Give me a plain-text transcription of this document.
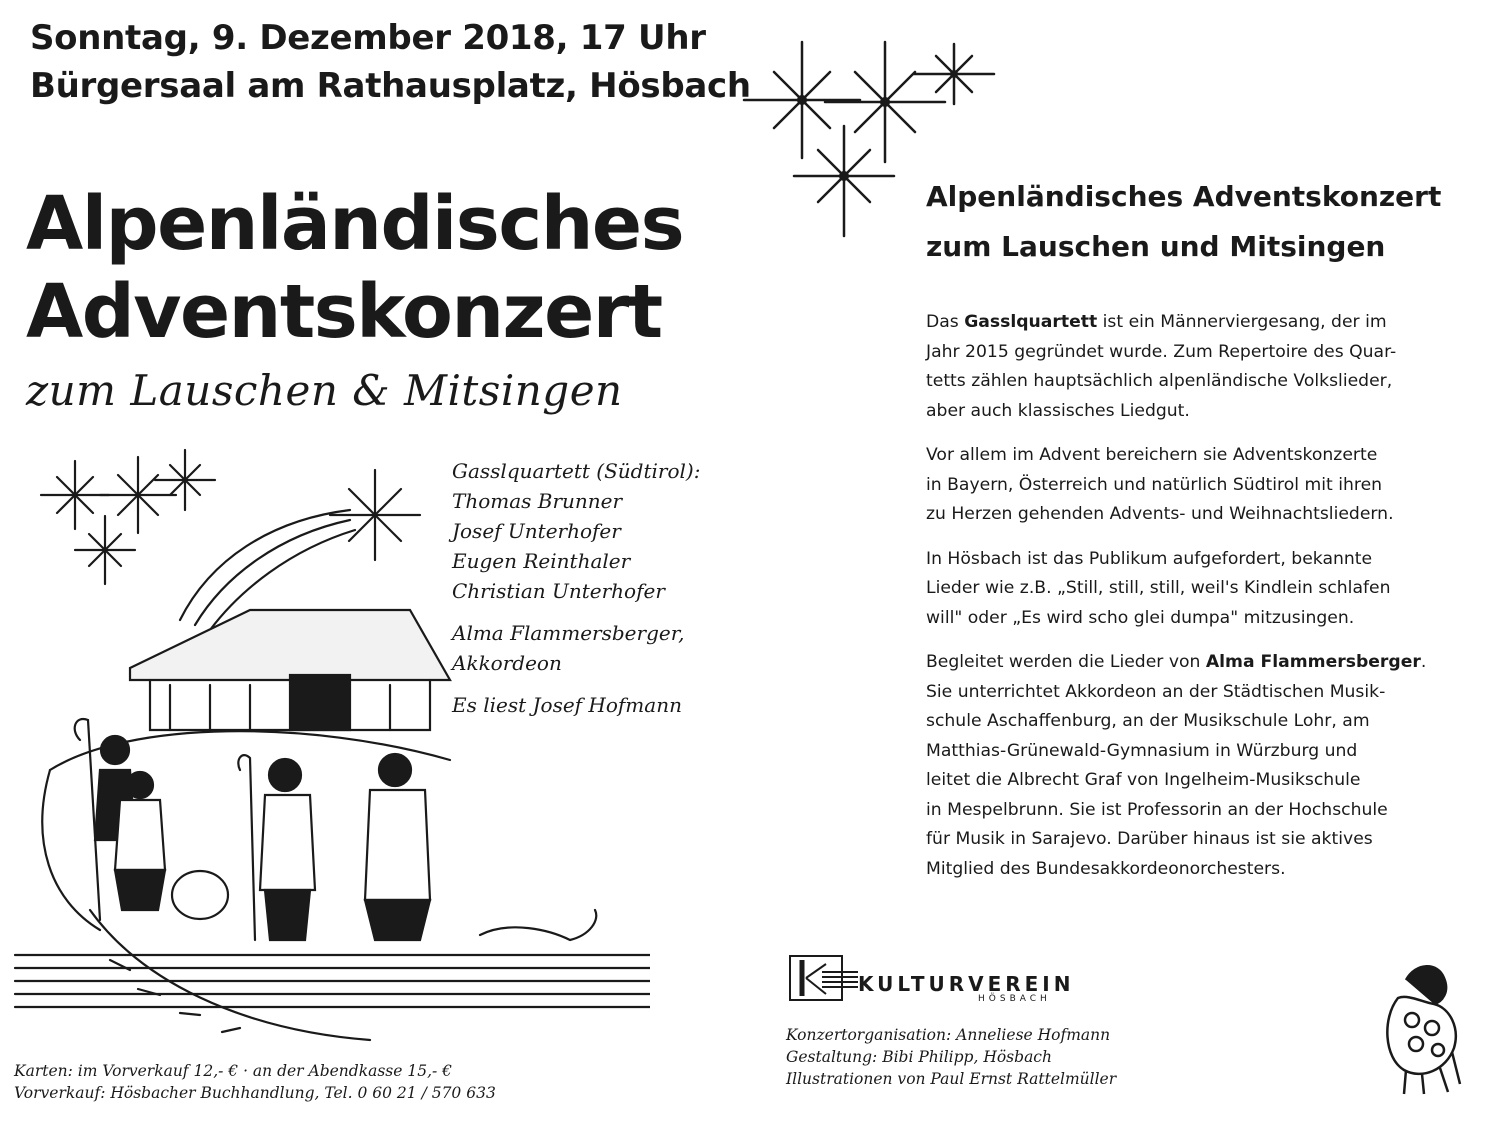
Sonntag, 9. Dezember 2018, 17 Uhr
Bürgersaal am Rathausplatz, Hösbach
Alpenländisches
Adventskonzert
zum Lauschen & Mitsingen
Gasslquartett (Südtirol):
Thomas Brunner
Josef Unterhofer
Eugen Reinthaler
Christian Unterhofer
Alma Flammersberger,
Akkordeon
Es liest Josef Hofmann
Alpenländisches Adventskonzert
zum Lauschen und Mitsingen

Das Gasslquartett ist ein Männerviergesang, der im
Jahr 2015 gegründet wurde. Zum Repertoire des Quar-
tetts zählen hauptsächlich alpenländische Volkslieder,
aber auch klassisches Liedgut.

Vor allem im Advent bereichern sie Adventskonzerte
in Bayern, Österreich und natürlich Südtirol mit ihren
zu Herzen gehenden Advents- und Weihnachtsliedern.

In Hösbach ist das Publikum aufgefordert, bekannte
Lieder wie z.B. „Still, still, still, weil's Kindlein schlafen
will" oder „Es wird scho glei dumpa" mitzusingen.

Begleitet werden die Lieder von Alma Flammersberger.
Sie unterrichtet Akkordeon an der Städtischen Musik-
schule Aschaffenburg, an der Musikschule Lohr, am
Matthias-Grünewald-Gymnasium in Würzburg und
leitet die Albrecht Graf von Ingelheim-Musikschule
in Mespelbrunn. Sie ist Professorin an der Hochschule
für Musik in Sarajevo. Darüber hinaus ist sie aktives
Mitglied des Bundesakkordeonorchesters.

KULTURVEREIN
HÖSBACH
Karten: im Vorverkauf 12,- € · an der Abendkasse 15,- €
Vorverkauf: Hösbacher Buchhandlung, Tel. 0 60 21 / 570 633
Konzertorganisation: Anneliese Hofmann
Gestaltung: Bibi Philipp, Hösbach
Illustrationen von Paul Ernst Rattelmüller
